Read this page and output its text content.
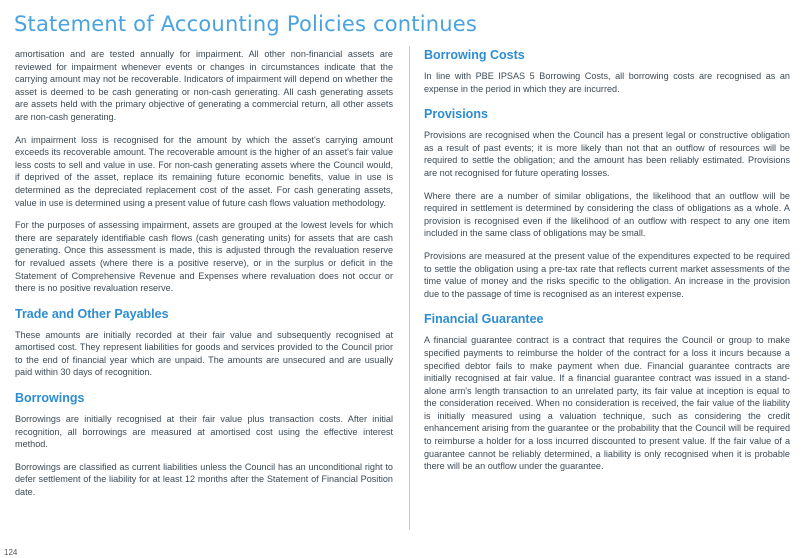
Statement of Accounting Policies continues

amortisation and are tested annually for impairment. All other non-financial assets are reviewed for impairment whenever events or changes in circumstances indicate that the carrying amount may not be recoverable. Indicators of impairment will depend on whether the asset is deemed to be cash generating or non-cash generating. All cash generating assets are assets held with the primary objective of generating a commercial return, all other assets are non-cash generating.

An impairment loss is recognised for the amount by which the asset's carrying amount exceeds its recoverable amount. The recoverable amount is the higher of an asset's fair value less costs to sell and value in use. For non-cash generating assets where the Council would, if deprived of the asset, replace its remaining future economic benefits, value in use is determined as the depreciated replacement cost of the asset. For cash generating assets, value in use is determined using a present value of future cash flows valuation methodology.

For the purposes of assessing impairment, assets are grouped at the lowest levels for which there are separately identifiable cash flows (cash generating units) for assets that are cash generating. Once this assessment is made, this is adjusted through the revaluation reserve for revalued assets (where there is a positive reserve), or in the surplus or deficit in the Statement of Comprehensive Revenue and Expenses where revaluation does not occur or there is no positive revaluation reserve.

Trade and Other Payables

These amounts are initially recorded at their fair value and subsequently recognised at amortised cost. They represent liabilities for goods and services provided to the Council prior to the end of financial year which are unpaid. The amounts are unsecured and are usually paid within 30 days of recognition.

Borrowings

Borrowings are initially recognised at their fair value plus transaction costs. After initial recognition, all borrowings are measured at amortised cost using the effective interest method.

Borrowings are classified as current liabilities unless the Council has an unconditional right to defer settlement of the liability for at least 12 months after the Statement of Financial Position date.

Borrowing Costs

In line with PBE IPSAS 5 Borrowing Costs, all borrowing costs are recognised as an expense in the period in which they are incurred.

Provisions

Provisions are recognised when the Council has a present legal or constructive obligation as a result of past events; it is more likely than not that an outflow of resources will be required to settle the obligation; and the amount has been reliably estimated. Provisions are not recognised for future operating losses.

Where there are a number of similar obligations, the likelihood that an outflow will be required in settlement is determined by considering the class of obligations as a whole. A provision is recognised even if the likelihood of an outflow with respect to any one item included in the same class of obligations may be small.

Provisions are measured at the present value of the expenditures expected to be required to settle the obligation using a pre-tax rate that reflects current market assessments of the time value of money and the risks specific to the obligation. An increase in the provision due to the passage of time is recognised as an interest expense.

Financial Guarantee

A financial guarantee contract is a contract that requires the Council or group to make specified payments to reimburse the holder of the contract for a loss it incurs because a specified debtor fails to make payment when due. Financial guarantee contracts are initially recognised at fair value. If a financial guarantee contract was issued in a stand-alone arm's length transaction to an unrelated party, its fair value at inception is equal to the consideration received. When no consideration is received, the fair value of the liability is initially measured using a valuation technique, such as considering the credit enhancement arising from the guarantee or the probability that the Council will be required to reimburse a holder for a loss incurred discounted to present value. If the fair value of a guarantee cannot be reliably determined, a liability is only recognised when it is probable there will be an outflow under the guarantee.

124
